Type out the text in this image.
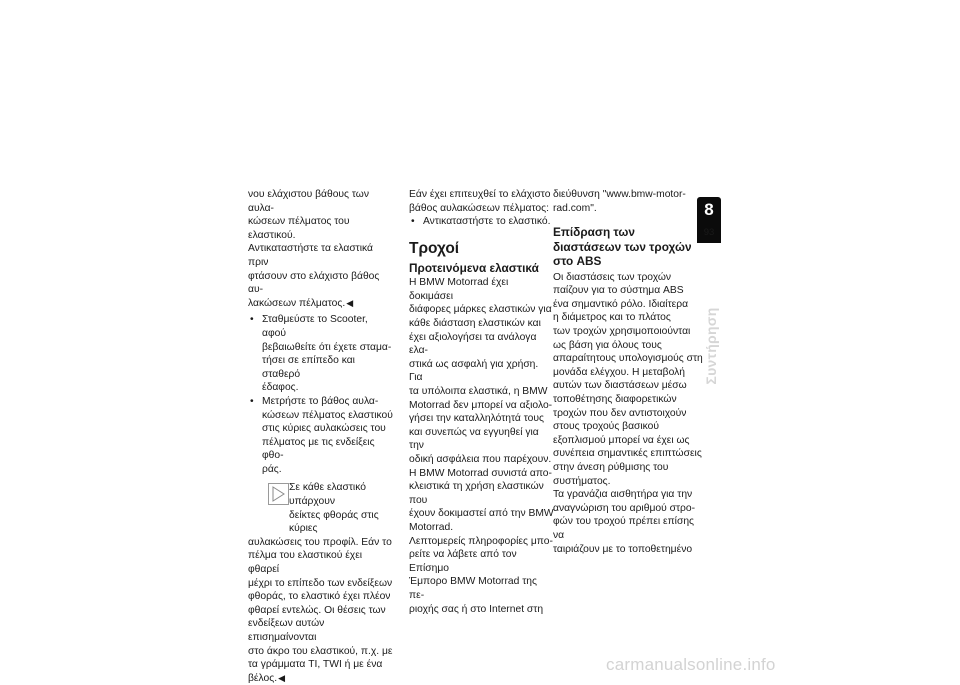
νου ελάχιστου βάθους των αυλα-
κώσεων πέλματος του ελαστικού.
Αντικαταστήστε τα ελαστικά πριν
φτάσουν στο ελάχιστο βάθος αυ-
λακώσεων πέλματος.◀

• Σταθμεύστε το Scooter, αφού
βεβαιωθείτε ότι έχετε σταμα-
τήσει σε επίπεδο και σταθερό
έδαφος.

• Μετρήστε το βάθος αυλα-
κώσεων πέλματος ελαστικού
στις κύριες αυλακώσεις του
πέλματος με τις ενδείξεις φθο-
ράς.

Σε κάθε ελαστικό υπάρχουν
δείκτες φθοράς στις κύριες

αυλακώσεις του προφίλ. Εάν το
πέλμα του ελαστικού έχει φθαρεί
μέχρι το επίπεδο των ενδείξεων
φθοράς, το ελαστικό έχει πλέον
φθαρεί εντελώς. Οι θέσεις των
ενδείξεων αυτών επισημαίνονται
στο άκρο του ελαστικού, π.χ. με
τα γράμματα TI, TWI ή με ένα
βέλος.◀

Εάν έχει επιτευχθεί το ελάχιστο
βάθος αυλακώσεων πέλματος:

• Αντικαταστήστε το ελαστικό.

Τροχοί
Προτεινόμενα ελαστικά

Η BMW Motorrad έχει δοκιμάσει
διάφορες μάρκες ελαστικών για
κάθε διάσταση ελαστικών και
έχει αξιολογήσει τα ανάλογα ελα-
στικά ως ασφαλή για χρήση. Για
τα υπόλοιπα ελαστικά, η BMW
Motorrad δεν μπορεί να αξιολο-
γήσει την καταλληλότητά τους
και συνεπώς να εγγυηθεί για την
οδική ασφάλεια που παρέχουν.
Η BMW Motorrad συνιστά απο-
κλειστικά τη χρήση ελαστικών που
έχουν δοκιμαστεί από την BMW
Motorrad.
Λεπτομερείς πληροφορίες μπο-
ρείτε να λάβετε από τον Επίσημο
Έμπορο BMW Motorrad της πε-
ριοχής σας ή στο Internet στη

διεύθυνση "www.bmw-motor-
rad.com".

Επίδραση των
διαστάσεων των τροχών
στο ABS

Οι διαστάσεις των τροχών
παίζουν για το σύστημα ABS
ένα σημαντικό ρόλο. Ιδιαίτερα
η διάμετρος και το πλάτος
των τροχών χρησιμοποιούνται
ως βάση για όλους τους
απαραίτητους υπολογισμούς στη
μονάδα ελέγχου. Η μεταβολή
αυτών των διαστάσεων μέσω
τοποθέτησης διαφορετικών
τροχών που δεν αντιστοιχούν
στους τροχούς βασικού
εξοπλισμού μπορεί να έχει ως
συνέπεια σημαντικές επιπτώσεις
στην άνεση ρύθμισης του
συστήματος.
Τα γρανάζια αισθητήρα για την
αναγνώριση του αριθμού στρο-
φών του τροχού πρέπει επίσης να
ταιριάζουν με το τοποθετημένο

8
93
Συντήρηση
carmanualsonline.info
